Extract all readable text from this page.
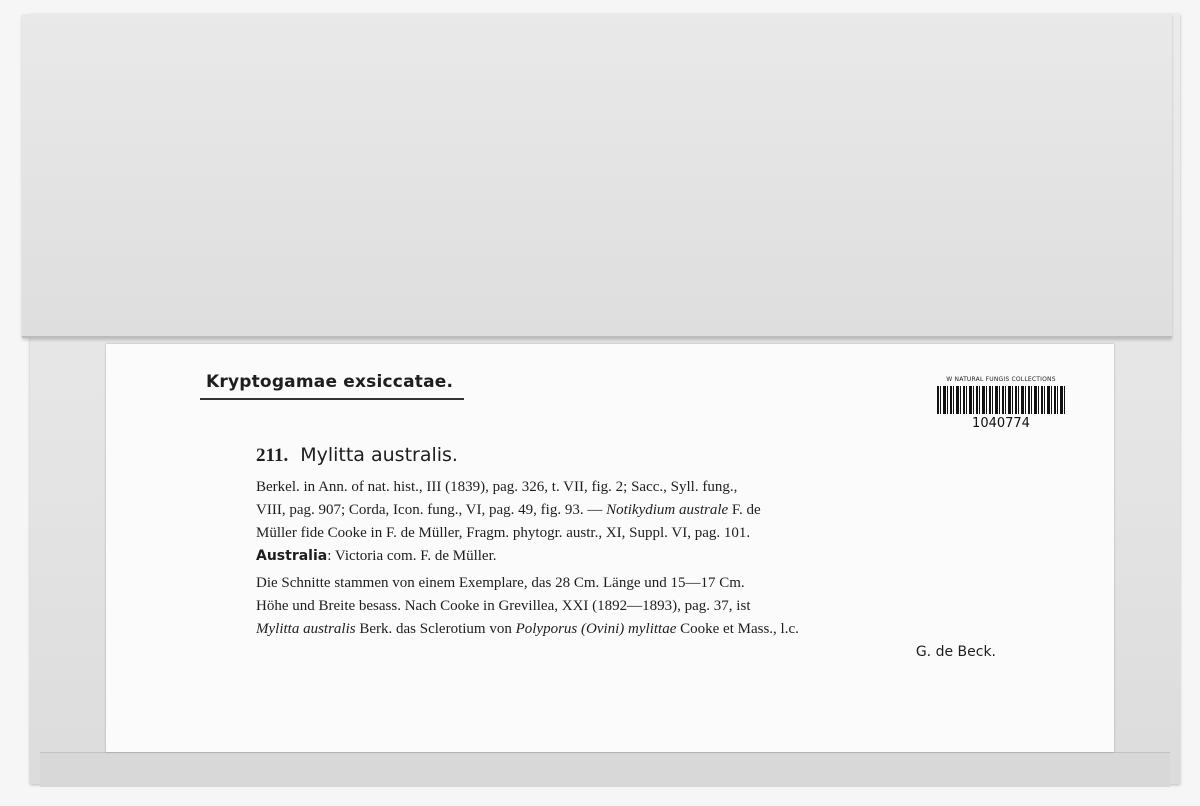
Kryptogamae exsiccatae.	W NATURAL FUNGIS COLLECTIONS
1040774
211. Mylitta australis.
Berkel. in Ann. of nat. hist., III (1839), pag. 326, t. VII, fig. 2; Sacc., Syll. fung.,
VIII, pag. 907; Corda, Icon. fung., VI, pag. 49, fig. 93. — Notikydium australe F. de
Müller fide Cooke in F. de Müller, Fragm. phytogr. austr., XI, Suppl. VI, pag. 101.
Australia: Victoria com. F. de Müller.
Die Schnitte stammen von einem Exemplare, das 28 Cm. Länge und 15—17 Cm.
Höhe und Breite besass. Nach Cooke in Grevillea, XXI (1892—1893), pag. 37, ist
Mylitta australis Berk. das Sclerotium von Polyporus (Ovini) mylittae Cooke et Mass., l.c.
G. de Beck.
